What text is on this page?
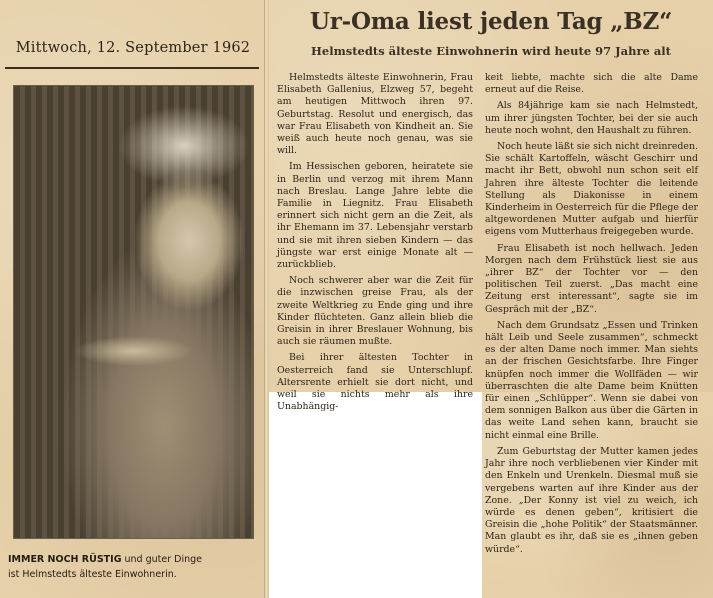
Mittwoch, 12. September 1962
IMMER NOCH RÜSTIG und guter Dinge
ist Helmstedts älteste Einwohnerin.
Ur-Oma liest jeden Tag „BZ“
Helmstedts älteste Einwohnerin wird heute 97 Jahre alt

Helmstedts älteste Einwohnerin, Frau Elisabeth Gallenius, Elzweg 57, begeht am heutigen Mittwoch ihren 97. Geburtstag. Resolut und energisch, das war Frau Elisabeth von Kindheit an. Sie weiß auch heute noch genau, was sie will.

Im Hessischen geboren, heiratete sie in Berlin und verzog mit ihrem Mann nach Breslau. Lange Jahre lebte die Familie in Liegnitz. Frau Elisabeth erinnert sich nicht gern an die Zeit, als ihr Ehemann im 37. Lebensjahr verstarb und sie mit ihren sieben Kindern — das jüngste war erst einige Monate alt — zurückblieb.

Noch schwerer aber war die Zeit für die inzwischen greise Frau, als der zweite Weltkrieg zu Ende ging und ihre Kinder flüchteten. Ganz allein blieb die Greisin in ihrer Breslauer Wohnung, bis auch sie räumen mußte.

Bei ihrer ältesten Tochter in Oesterreich fand sie Unterschlupf. Altersrente erhielt sie dort nicht, und weil sie nichts mehr als ihre Unabhängig-

keit liebte, machte sich die alte Dame erneut auf die Reise.

Als 84jährige kam sie nach Helmstedt, um ihrer jüngsten Tochter, bei der sie auch heute noch wohnt, den Haushalt zu führen.

Noch heute läßt sie sich nicht dreinreden. Sie schält Kartoffeln, wäscht Geschirr und macht ihr Bett, obwohl nun schon seit elf Jahren ihre älteste Tochter die leitende Stellung als Diakonisse in einem Kinderheim in Oesterreich für die Pflege der altgewordenen Mutter aufgab und hierfür eigens vom Mutterhaus freigegeben wurde.

Frau Elisabeth ist noch hellwach. Jeden Morgen nach dem Frühstück liest sie aus „ihrer BZ“ der Tochter vor — den politischen Teil zuerst. „Das macht eine Zeitung erst interessant“, sagte sie im Gespräch mit der „BZ“.

Nach dem Grundsatz „Essen und Trinken hält Leib und Seele zusammen“, schmeckt es der alten Dame noch immer. Man siehts an der frischen Gesichtsfarbe. Ihre Finger knüpfen noch immer die Wollfäden — wir überraschten die alte Dame beim Knütten für einen „Schlüpper“. Wenn sie dabei von dem sonnigen Balkon aus über die Gärten in das weite Land sehen kann, braucht sie nicht einmal eine Brille.

Zum Geburtstag der Mutter kamen jedes Jahr ihre noch verbliebenen vier Kinder mit den Enkeln und Urenkeln. Diesmal muß sie vergebens warten auf ihre Kinder aus der Zone. „Der Konny ist viel zu weich, ich würde es denen geben“, kritisiert die Greisin die „hohe Politik“ der Staatsmänner. Man glaubt es ihr, daß sie es „ihnen geben würde“.
